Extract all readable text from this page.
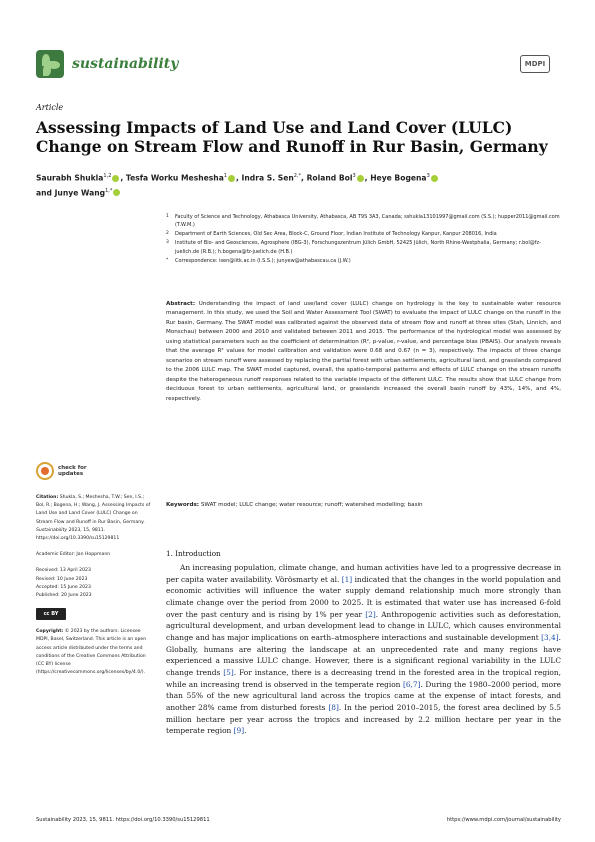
sustainability	MDPI
Article
Assessing Impacts of Land Use and Land Cover (LULC) Change on Stream Flow and Runoff in Rur Basin, Germany
Saurabh Shukla$^{1,2}$ , Tesfa Worku Meshesha$^1$ , Indra S. Sen$^{2,*}$, Roland Bol$^3$ , Heye Bogena$^3$
and Junye Wang$^{1,*}$
1	Faculty of Science and Technology, Athabasca University, Athabasca, AB T9S 3A3, Canada; sshukla13101997@gmail.com (S.S.); hupper2011@gmail.com (T.W.M.)
2	Department of Earth Sciences, Old Sec Area, Block-C, Ground Floor, Indian Institute of Technology Kanpur, Kanpur 208016, India
3	Institute of Bio- and Geosciences, Agrosphere (IBG-3), Forschungszentrum Jülich GmbH, 52425 Jülich, North Rhine-Westphalia, Germany; r.bol@fz-juelich.de (R.B.); h.bogena@fz-juelich.de (H.B.)
*	Correspondence: isen@iitk.ac.in (I.S.S.); junyew@athabascau.ca (J.W.)
Abstract: Understanding the impact of land use/land cover (LULC) change on hydrology is the key to sustainable water resource management. In this study, we used the Soil and Water Assessment Tool (SWAT) to evaluate the impact of LULC change on the runoff in the Rur basin, Germany. The SWAT model was calibrated against the observed data of stream flow and runoff at three sites (Stah, Linnich, and Monschau) between 2000 and 2010 and validated between 2011 and 2015. The performance of the hydrological model was assessed by using statistical parameters such as the coefficient of determination (R², p-value, r-value, and percentage bias (PBAIS). Our analysis reveals that the average R² values for model calibration and validation were 0.68 and 0.67 (n = 3), respectively. The impacts of three change scenarios on stream runoff were assessed by replacing the partial forest with urban settlements, agricultural land, and grasslands compared to the 2006 LULC map. The SWAT model captured, overall, the spatio-temporal patterns and effects of LULC change on the stream runoffs despite the heterogeneous runoff responses related to the variable impacts of the different LULC. The results show that LULC change from deciduous forest to urban settlements, agricultural land, or grasslands increased the overall basin runoff by 43%, 14%, and 4%, respectively.
Keywords: SWAT model; LULC change; water resource; runoff; watershed modelling; basin
check for updates
Citation: Shukla, S.; Meshesha, T.W.; Sen, I.S.; Bol, R.; Bogena, H.; Wang, J. Assessing Impacts of Land Use and Land Cover (LULC) Change on Stream Flow and Runoff in Rur Basin, Germany. Sustainability 2023, 15, 9811. https://doi.org/10.3390/su15129811
Academic Editor: Jan Hoppmann
Received: 13 April 2023
Revised: 10 June 2023
Accepted: 15 June 2023
Published: 20 June 2023
cc BY
Copyright: © 2023 by the authors. Licensee MDPI, Basel, Switzerland. This article is an open access article distributed under the terms and conditions of the Creative Commons Attribution (CC BY) license (https://creativecommons.org/licenses/by/4.0/).
1. Introduction
An increasing population, climate change, and human activities have led to a progressive decrease in per capita water availability. Vörösmarty et al. [1] indicated that the changes in the world population and economic activities will influence the water supply demand relationship much more strongly than climate change over the period from 2000 to 2025. It is estimated that water use has increased 6-fold over the past century and is rising by 1% per year [2]. Anthropogenic activities such as deforestation, agricultural development, and urban development lead to change in LULC, which causes environmental change and has major implications on earth–atmosphere interactions and sustainable development [3,4]. Globally, humans are altering the landscape at an unprecedented rate and many regions have experienced a massive LULC change. However, there is a significant regional variability in the LULC change trends [5]. For instance, there is a decreasing trend in the forested area in the tropical region, while an increasing trend is observed in the temperate region [6,7]. During the 1980–2000 period, more than 55% of the new agricultural land across the tropics came at the expense of intact forests, and another 28% came from disturbed forests [8]. In the period 2010–2015, the forest area declined by 5.5 million hectare per year across the tropics and increased by 2.2 million hectare per year in the temperate region [9].
Sustainability 2023, 15, 9811. https://doi.org/10.3390/su15129811	https://www.mdpi.com/journal/sustainability
